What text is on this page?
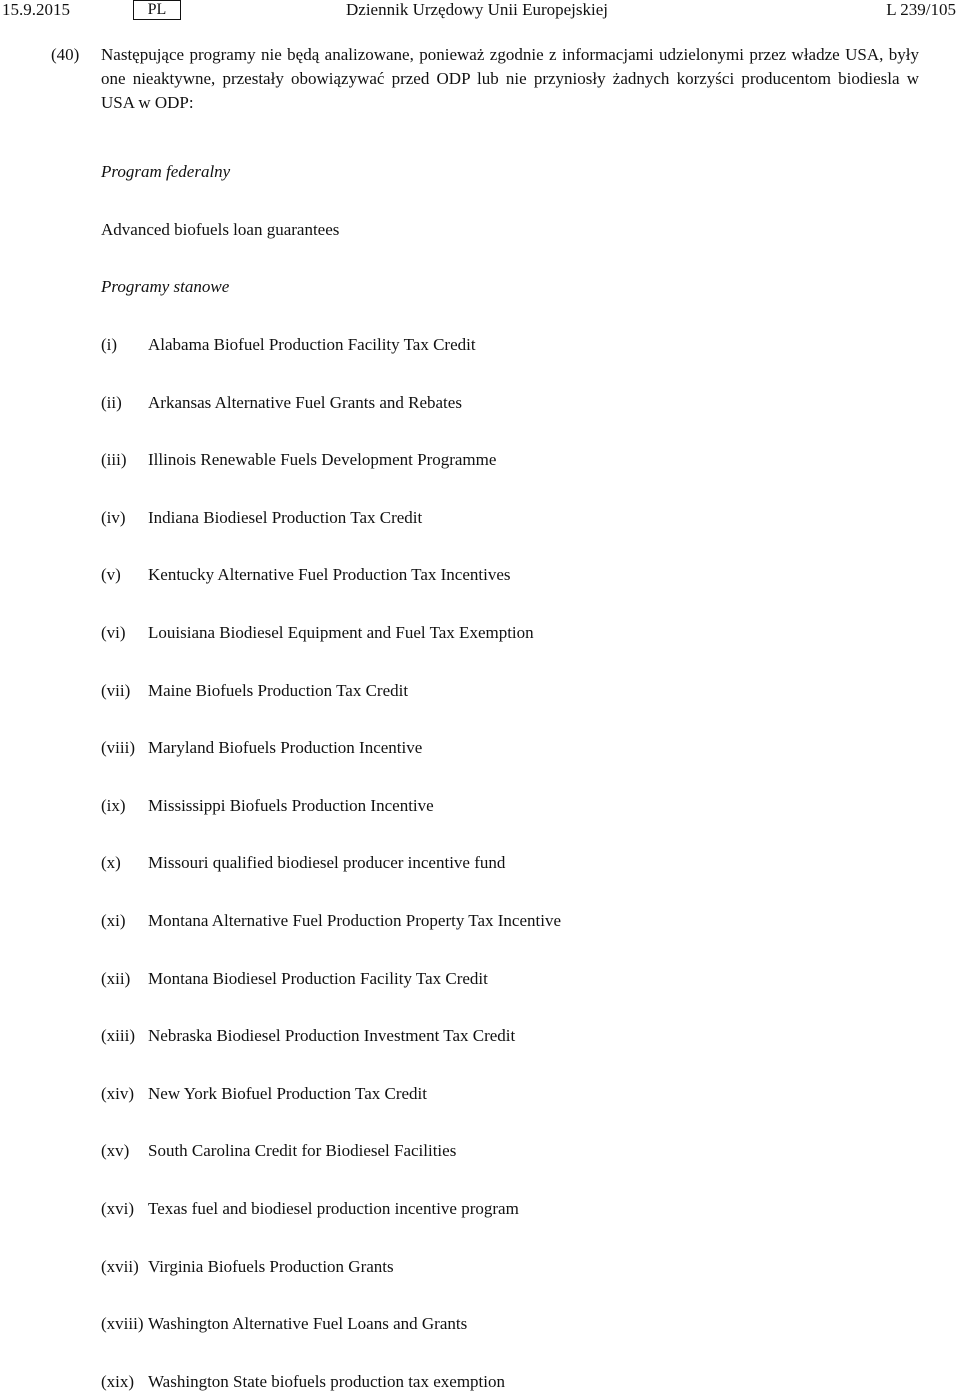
15.9.2015	PL	Dziennik Urzędowy Unii Europejskiej	L 239/105
(40) Następujące programy nie będą analizowane, ponieważ zgodnie z informacjami udzielonymi przez władze USA, były one nieaktywne, przestały obowiązywać przed ODP lub nie przyniosły żadnych korzyści producentom biodiesla w USA w ODP:
Program federalny
Advanced biofuels loan guarantees
Programy stanowe
(i) Alabama Biofuel Production Facility Tax Credit
(ii) Arkansas Alternative Fuel Grants and Rebates
(iii) Illinois Renewable Fuels Development Programme
(iv) Indiana Biodiesel Production Tax Credit
(v) Kentucky Alternative Fuel Production Tax Incentives
(vi) Louisiana Biodiesel Equipment and Fuel Tax Exemption
(vii) Maine Biofuels Production Tax Credit
(viii) Maryland Biofuels Production Incentive
(ix) Mississippi Biofuels Production Incentive
(x) Missouri qualified biodiesel producer incentive fund
(xi) Montana Alternative Fuel Production Property Tax Incentive
(xii) Montana Biodiesel Production Facility Tax Credit
(xiii) Nebraska Biodiesel Production Investment Tax Credit
(xiv) New York Biofuel Production Tax Credit
(xv) South Carolina Credit for Biodiesel Facilities
(xvi) Texas fuel and biodiesel production incentive program
(xvii) Virginia Biofuels Production Grants
(xviii) Washington Alternative Fuel Loans and Grants
(xix) Washington State biofuels production tax exemption
